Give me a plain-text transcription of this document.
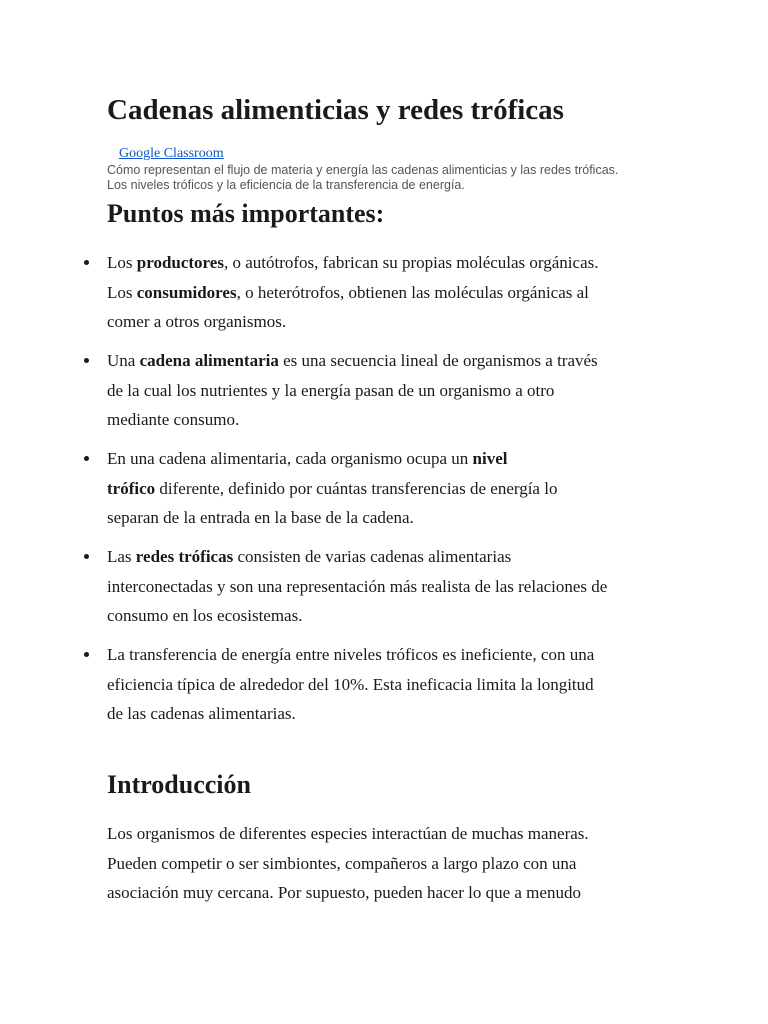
Cadenas alimenticias y redes tróficas
Google Classroom

Cómo representan el flujo de materia y energía las cadenas alimenticias y las redes tróficas.
Los niveles tróficos y la eficiencia de la transferencia de energía.

Puntos más importantes:
Los productores, o autótrofos, fabrican su propias moléculas orgánicas.
Los consumidores, o heterótrofos, obtienen las moléculas orgánicas al
comer a otros organismos.
Una cadena alimentaria es una secuencia lineal de organismos a través
de la cual los nutrientes y la energía pasan de un organismo a otro
mediante consumo.
En una cadena alimentaria, cada organismo ocupa un nivel
trófico diferente, definido por cuántas transferencias de energía lo
separan de la entrada en la base de la cadena.
Las redes tróficas consisten de varias cadenas alimentarias
interconectadas y son una representación más realista de las relaciones de
consumo en los ecosistemas.
La transferencia de energía entre niveles tróficos es ineficiente, con una
eficiencia típica de alrededor del 10%. Esta ineficacia limita la longitud
de las cadenas alimentarias.
Introducción

Los organismos de diferentes especies interactúan de muchas maneras.
Pueden competir o ser simbiontes, compañeros a largo plazo con una
asociación muy cercana. Por supuesto, pueden hacer lo que a menudo
